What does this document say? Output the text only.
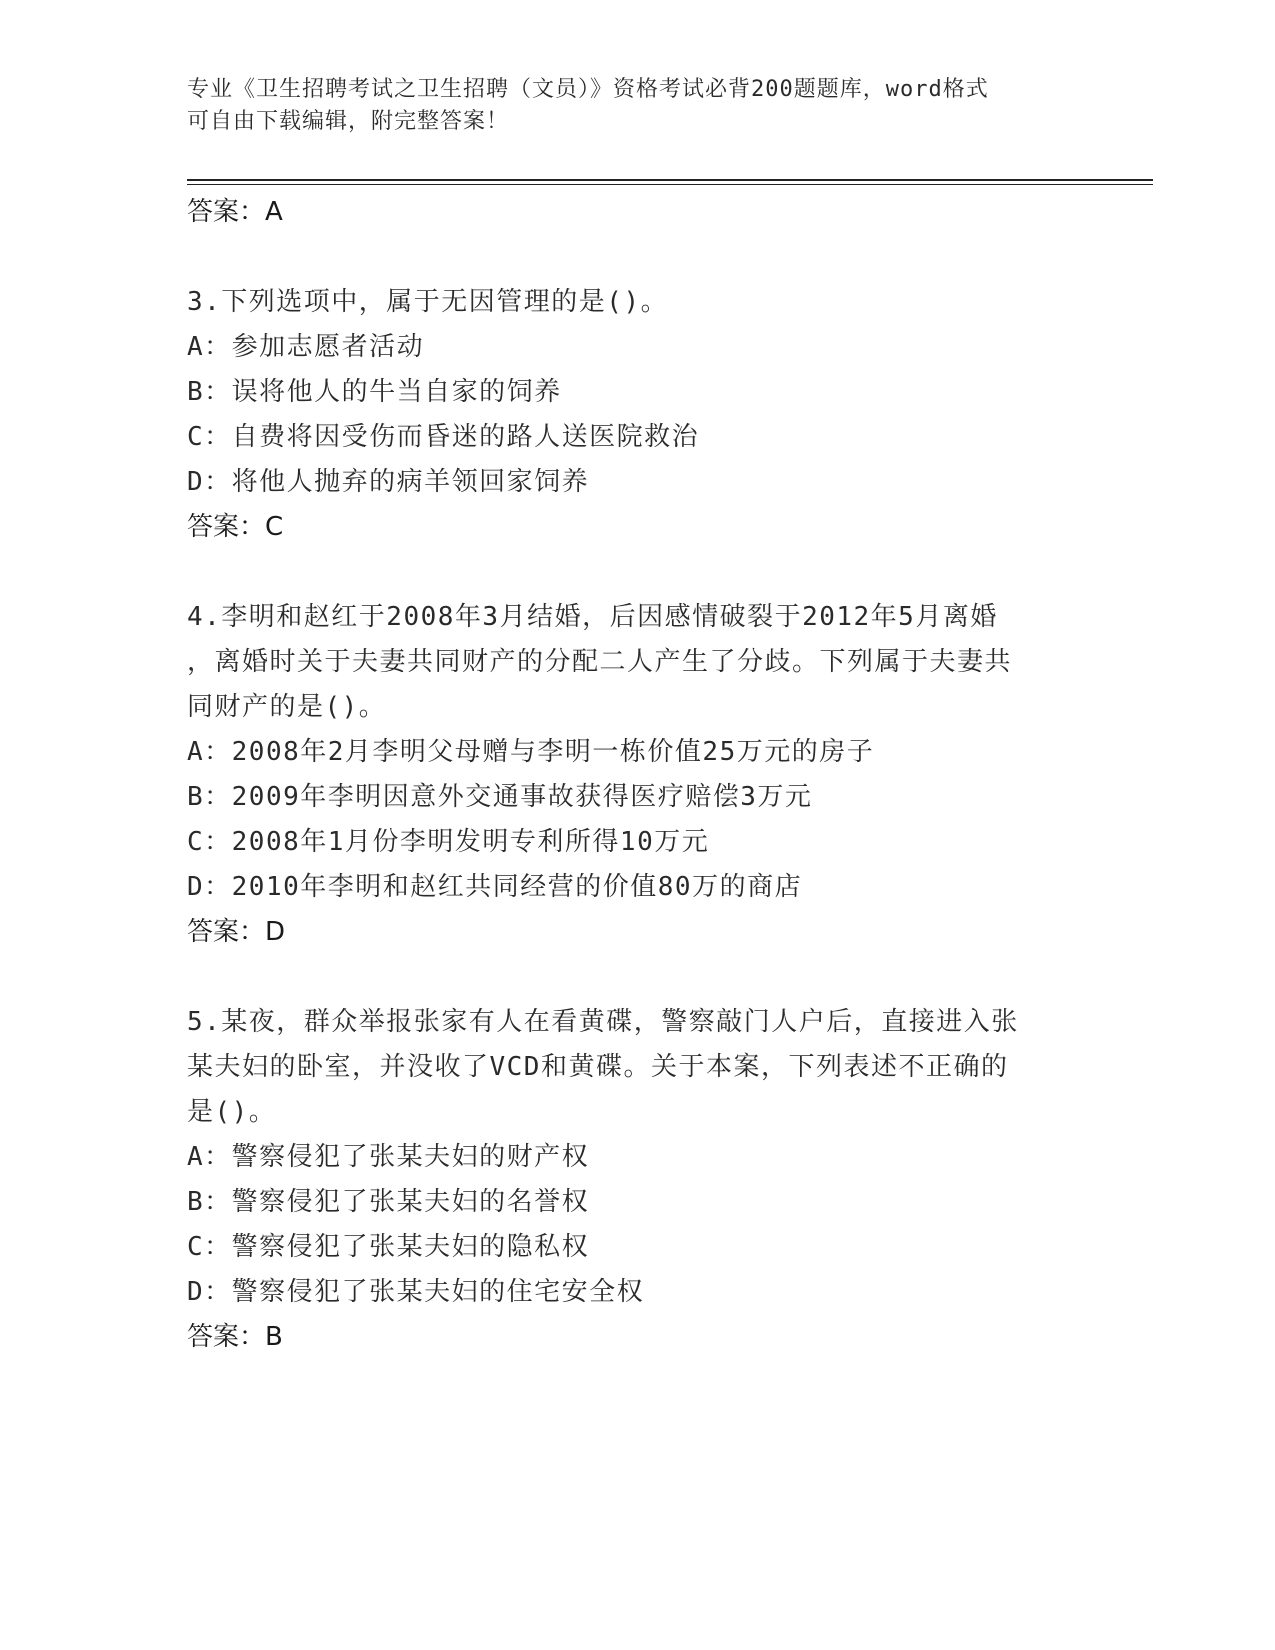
专业《卫生招聘考试之卫生招聘（文员）》资格考试必背200题题库，word格式
可自由下载编辑，附完整答案！
答案：A
3.下列选项中，属于无因管理的是()。
A：参加志愿者活动
B：误将他人的牛当自家的饲养
C：自费将因受伤而昏迷的路人送医院救治
D：将他人抛弃的病羊领回家饲养
答案：C
4.李明和赵红于2008年3月结婚，后因感情破裂于2012年5月离婚
，离婚时关于夫妻共同财产的分配二人产生了分歧。下列属于夫妻共
同财产的是()。
A：2008年2月李明父母赠与李明一栋价值25万元的房子
B：2009年李明因意外交通事故获得医疗赔偿3万元
C：2008年1月份李明发明专利所得10万元
D：2010年李明和赵红共同经营的价值80万的商店
答案：D
5.某夜，群众举报张家有人在看黄碟，警察敲门人户后，直接进入张
某夫妇的卧室，并没收了VCD和黄碟。关于本案，下列表述不正确的
是()。
A：警察侵犯了张某夫妇的财产权
B：警察侵犯了张某夫妇的名誉权
C：警察侵犯了张某夫妇的隐私权
D：警察侵犯了张某夫妇的住宅安全权
答案：B
